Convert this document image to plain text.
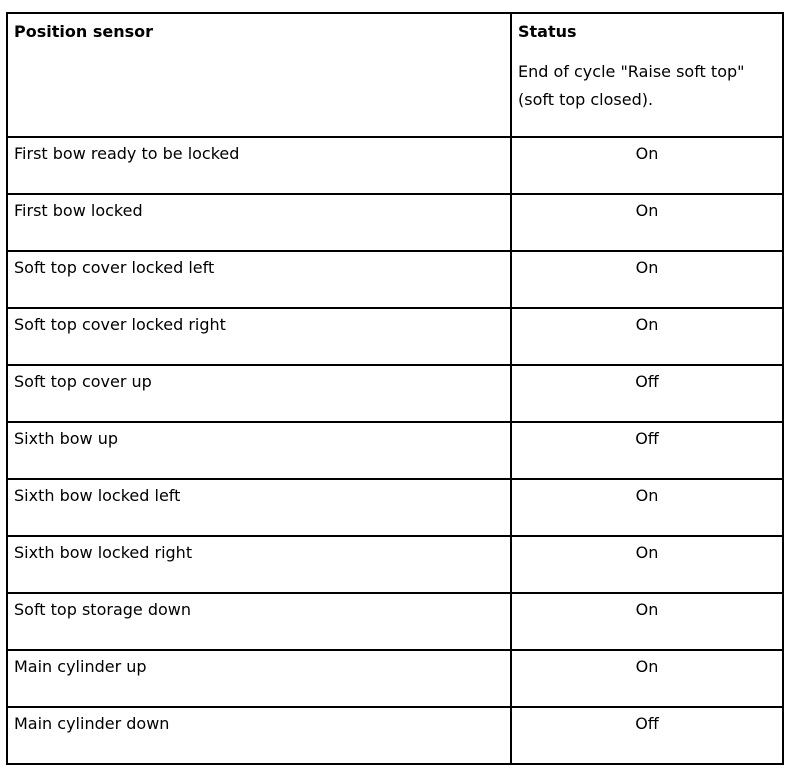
Position sensor	Status
End of cycle "Raise soft top" (soft top closed).

First bow ready to be locked	On
First bow locked	On
Soft top cover locked left	On
Soft top cover locked right	On
Soft top cover up	Off
Sixth bow up	Off
Sixth bow locked left	On
Sixth bow locked right	On
Soft top storage down	On
Main cylinder up	On
Main cylinder down	Off
